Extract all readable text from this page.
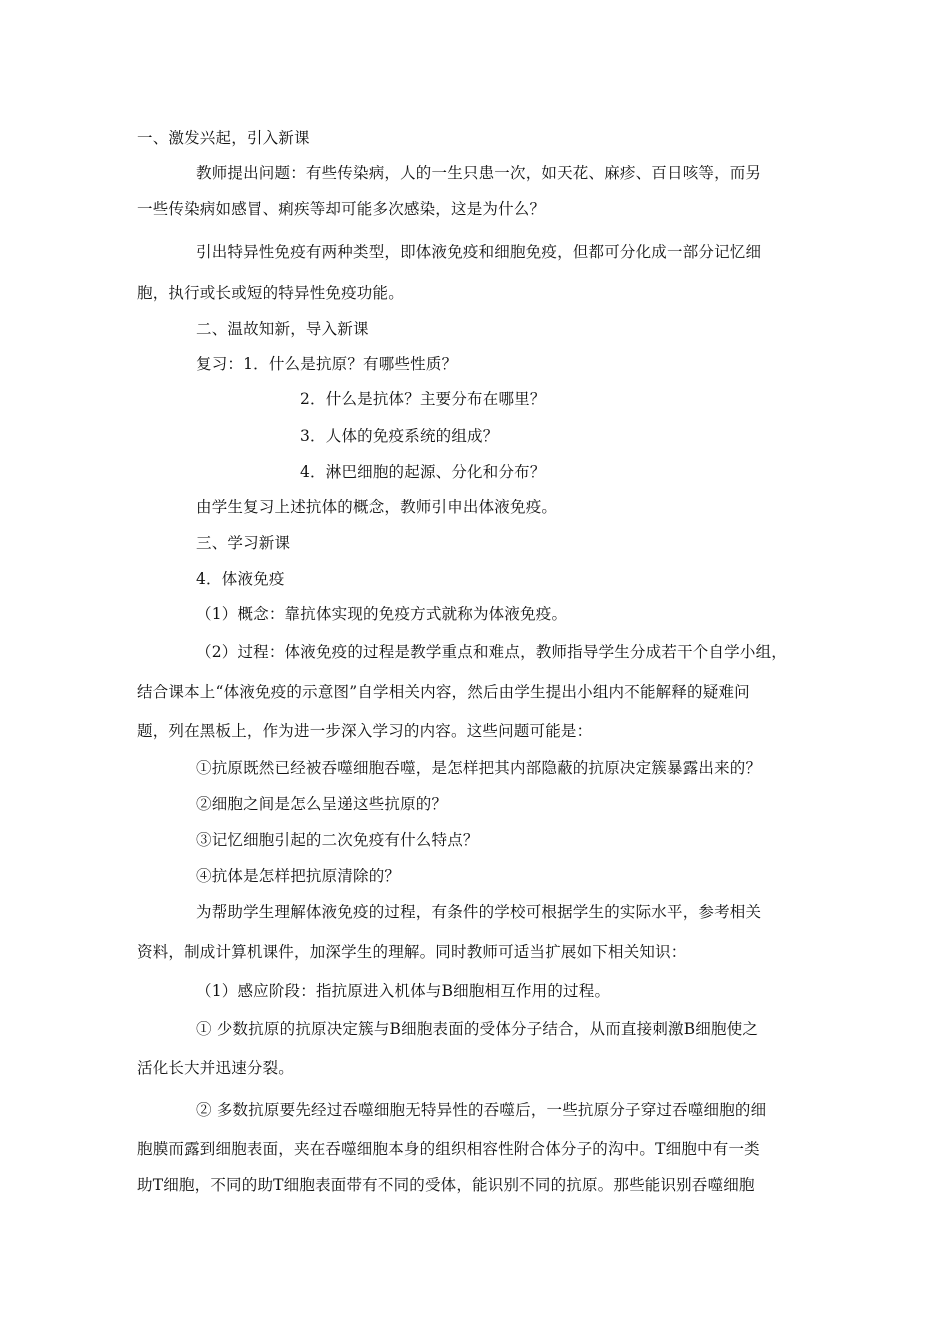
一、激发兴起，引入新课
教师提出问题：有些传染病，人的一生只患一次，如天花、麻疹、百日咳等，而另
一些传染病如感冒、痢疾等却可能多次感染，这是为什么？
引出特异性免疫有两种类型，即体液免疫和细胞免疫，但都可分化成一部分记忆细
胞，执行或长或短的特异性免疫功能。
二、温故知新，导入新课
复习：1．什么是抗原？有哪些性质？
2．什么是抗体？主要分布在哪里？
3．人体的免疫系统的组成？
4．淋巴细胞的起源、分化和分布？
由学生复习上述抗体的概念，教师引申出体液免疫。
三、学习新课
4．体液免疫
（1）概念：靠抗体实现的免疫方式就称为体液免疫。
（2）过程：体液免疫的过程是教学重点和难点，教师指导学生分成若干个自学小组，
结合课本上“体液免疫的示意图”自学相关内容，然后由学生提出小组内不能解释的疑难问
题，列在黑板上，作为进一步深入学习的内容。这些问题可能是：
①抗原既然已经被吞噬细胞吞噬，是怎样把其内部隐蔽的抗原决定簇暴露出来的？
②细胞之间是怎么呈递这些抗原的？
③记忆细胞引起的二次免疫有什么特点？
④抗体是怎样把抗原清除的？
为帮助学生理解体液免疫的过程，有条件的学校可根据学生的实际水平，参考相关
资料，制成计算机课件，加深学生的理解。同时教师可适当扩展如下相关知识：
（1）感应阶段：指抗原进入机体与B细胞相互作用的过程。
① 少数抗原的抗原决定簇与B细胞表面的受体分子结合，从而直接刺激B细胞使之
活化长大并迅速分裂。
② 多数抗原要先经过吞噬细胞无特异性的吞噬后，一些抗原分子穿过吞噬细胞的细
胞膜而露到细胞表面，夹在吞噬细胞本身的组织相容性附合体分子的沟中。T细胞中有一类
助T细胞，不同的助T细胞表面带有不同的受体，能识别不同的抗原。那些能识别吞噬细胞
